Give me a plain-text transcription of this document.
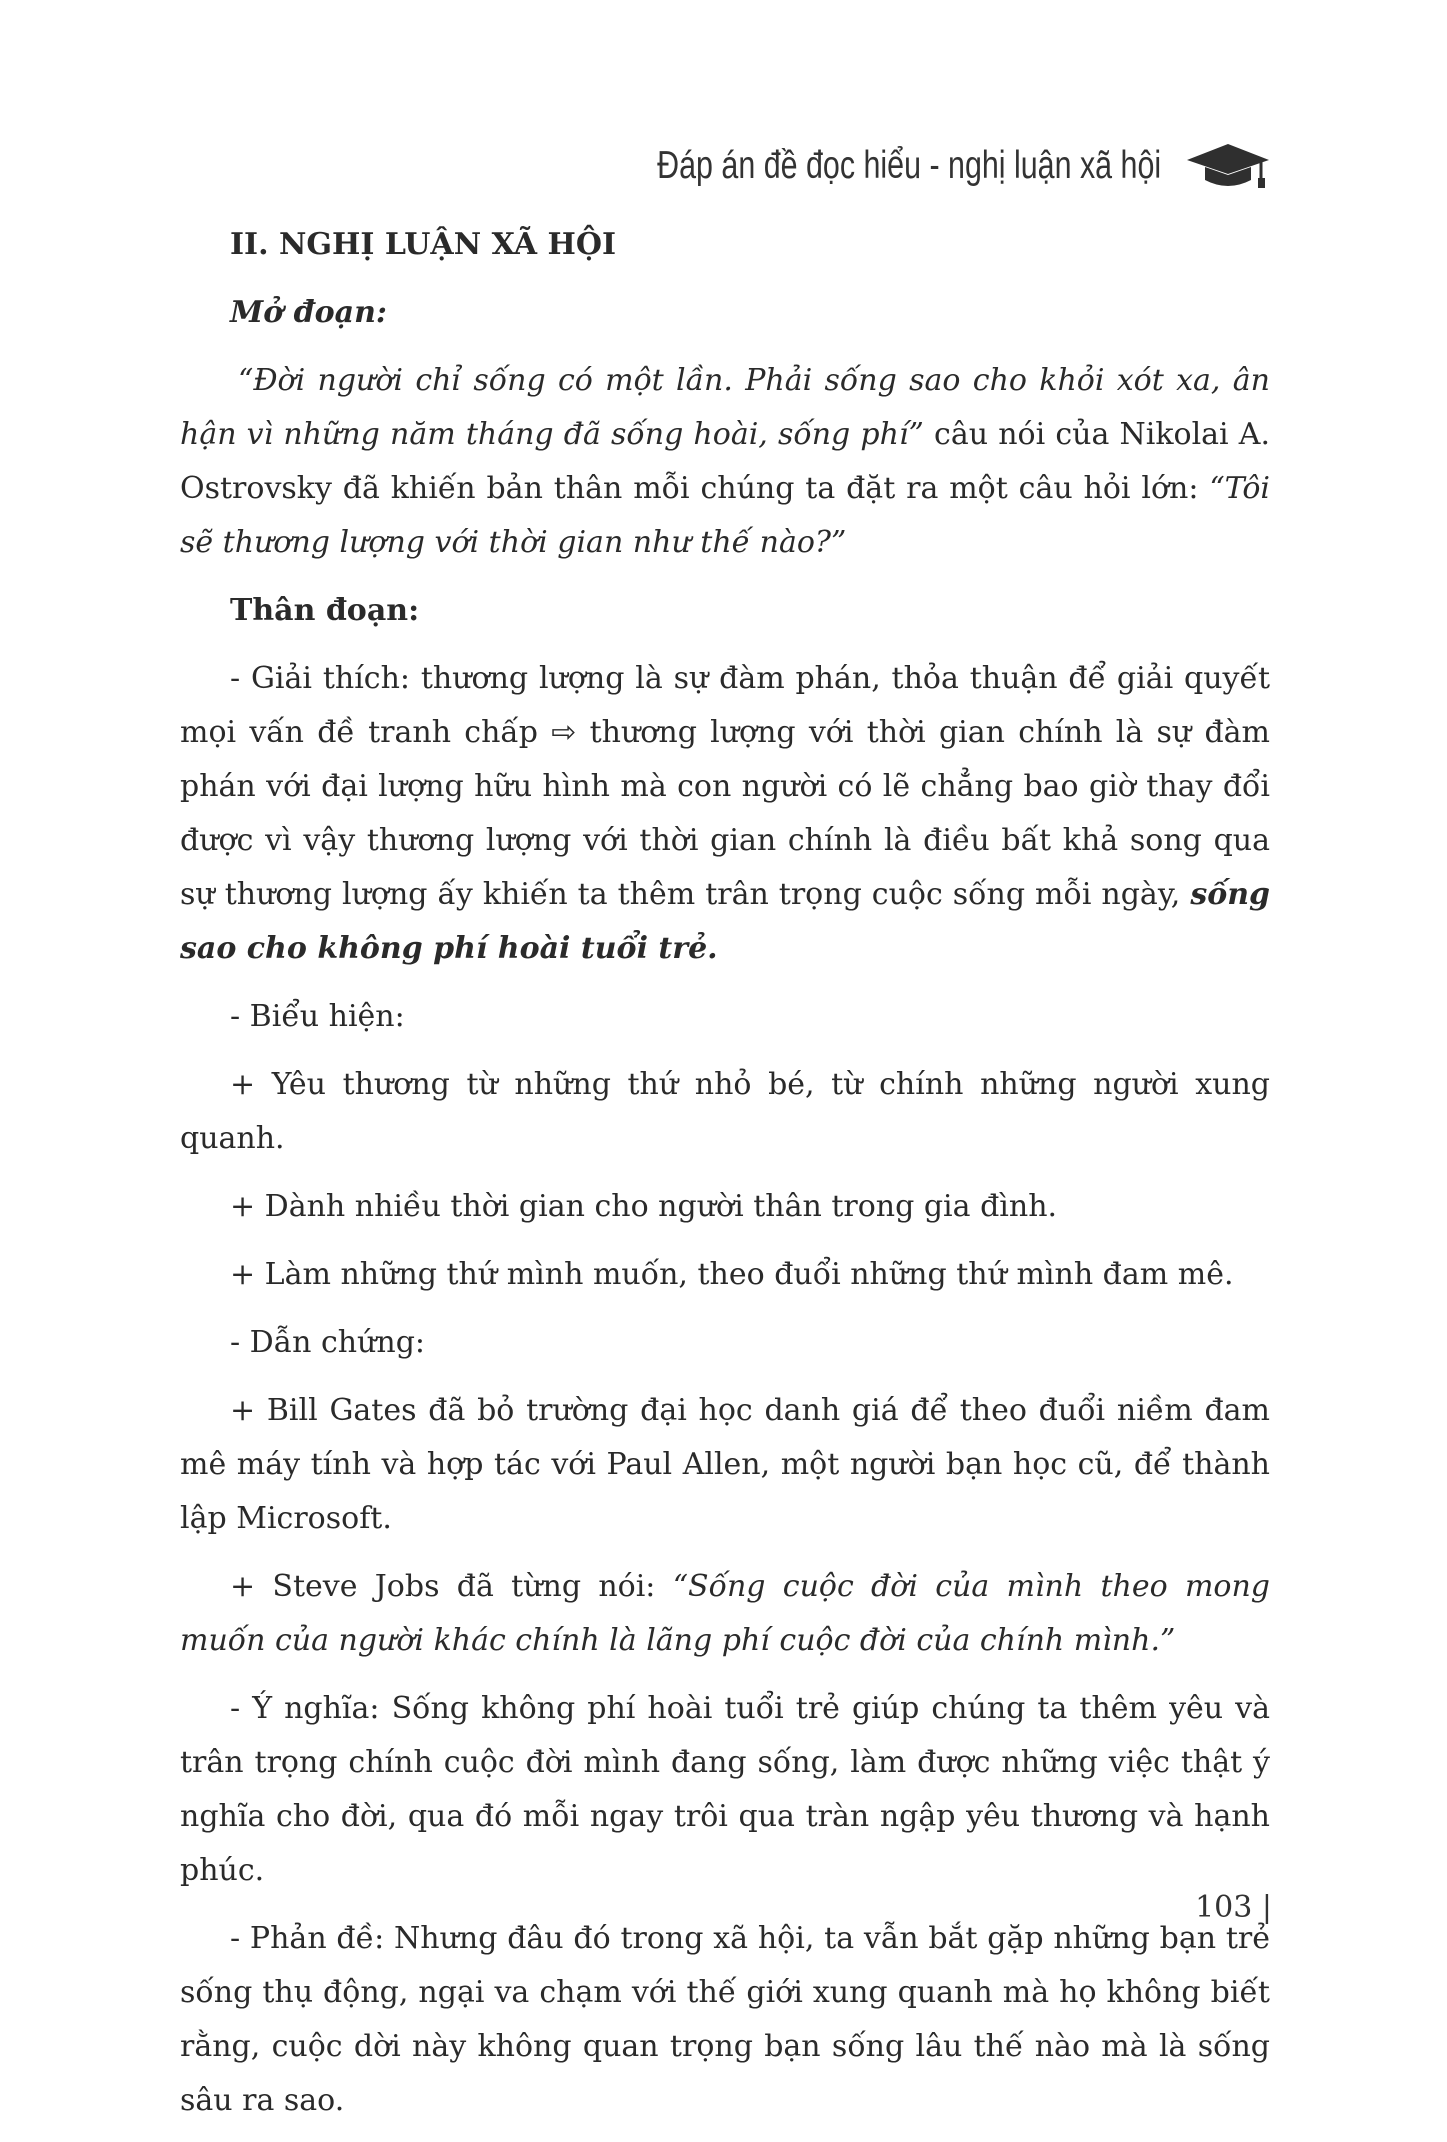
Đáp án đề đọc hiểu - nghị luận xã hội

II. NGHỊ LUẬN XÃ HỘI

Mở đoạn:

“Đời người chỉ sống có một lần. Phải sống sao cho khỏi xót xa, ân hận vì những năm tháng đã sống hoài, sống phí” câu nói của Nikolai A. Ostrovsky đã khiến bản thân mỗi chúng ta đặt ra một câu hỏi lớn: “Tôi sẽ thương lượng với thời gian như thế nào?”

Thân đoạn:

- Giải thích: thương lượng là sự đàm phán, thỏa thuận để giải quyết mọi vấn đề tranh chấp ⇨ thương lượng với thời gian chính là sự đàm phán với đại lượng hữu hình mà con người có lẽ chẳng bao giờ thay đổi được vì vậy thương lượng với thời gian chính là điều bất khả song qua sự thương lượng ấy khiến ta thêm trân trọng cuộc sống mỗi ngày, sống sao cho không phí hoài tuổi trẻ.

- Biểu hiện:

+ Yêu thương từ những thứ nhỏ bé, từ chính những người xung quanh.

+ Dành nhiều thời gian cho người thân trong gia đình.

+ Làm những thứ mình muốn, theo đuổi những thứ mình đam mê.

- Dẫn chứng:

+ Bill Gates đã bỏ trường đại học danh giá để theo đuổi niềm đam mê máy tính và hợp tác với Paul Allen, một người bạn học cũ, để thành lập Microsoft.

+ Steve Jobs đã từng nói: “Sống cuộc đời của mình theo mong muốn của người khác chính là lãng phí cuộc đời của chính mình.”

- Ý nghĩa: Sống không phí hoài tuổi trẻ giúp chúng ta thêm yêu và trân trọng chính cuộc đời mình đang sống, làm được những việc thật ý nghĩa cho đời, qua đó mỗi ngay trôi qua tràn ngập yêu thương và hạnh phúc.

- Phản đề: Nhưng đâu đó trong xã hội, ta vẫn bắt gặp những bạn trẻ sống thụ động, ngại va chạm với thế giới xung quanh mà họ không biết rằng, cuộc dời này không quan trọng bạn sống lâu thế nào mà là sống sâu ra sao.

103 |
